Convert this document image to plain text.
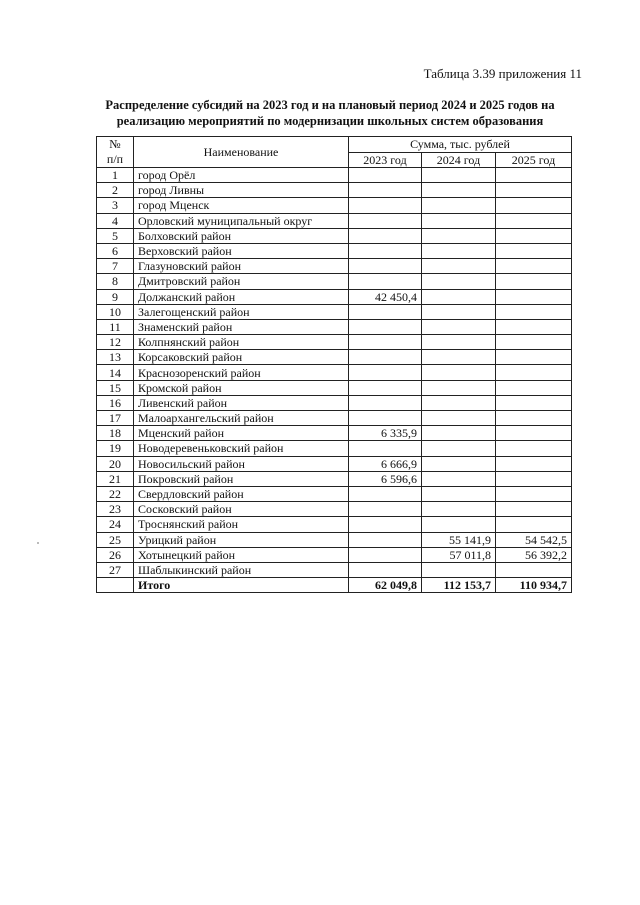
Таблица 3.39 приложения 11
Распределение субсидий на 2023 год и на плановый период 2024 и 2025 годов на
реализацию мероприятий по модернизации школьных систем образования
№
п/п	Наименование	Сумма, тыс. рублей		
		2023 год	2024 год	2025 год
1	город Орёл			
2	город Ливны			
3	город Мценск			
4	Орловский муниципальный округ			
5	Болховский район			
6	Верховский район			
7	Глазуновский район			
8	Дмитровский район			
9	Должанский район	42 450,4		
10	Залегощенский район			
11	Знаменский район			
12	Колпнянский район			
13	Корсаковский район			
14	Краснозоренский район			
15	Кромской район			
16	Ливенский район			
17	Малоархангельский район			
18	Мценский район	6 335,9		
19	Новодеревеньковский район			
20	Новосильский район	6 666,9		
21	Покровский район	6 596,6		
22	Свердловский район			
23	Сосковский район			
24	Троснянский район			
25	Урицкий район		55 141,9	54 542,5
26	Хотынецкий район		57 011,8	56 392,2
27	Шаблыкинский район			
	Итого	62 049,8	112 153,7	110 934,7
